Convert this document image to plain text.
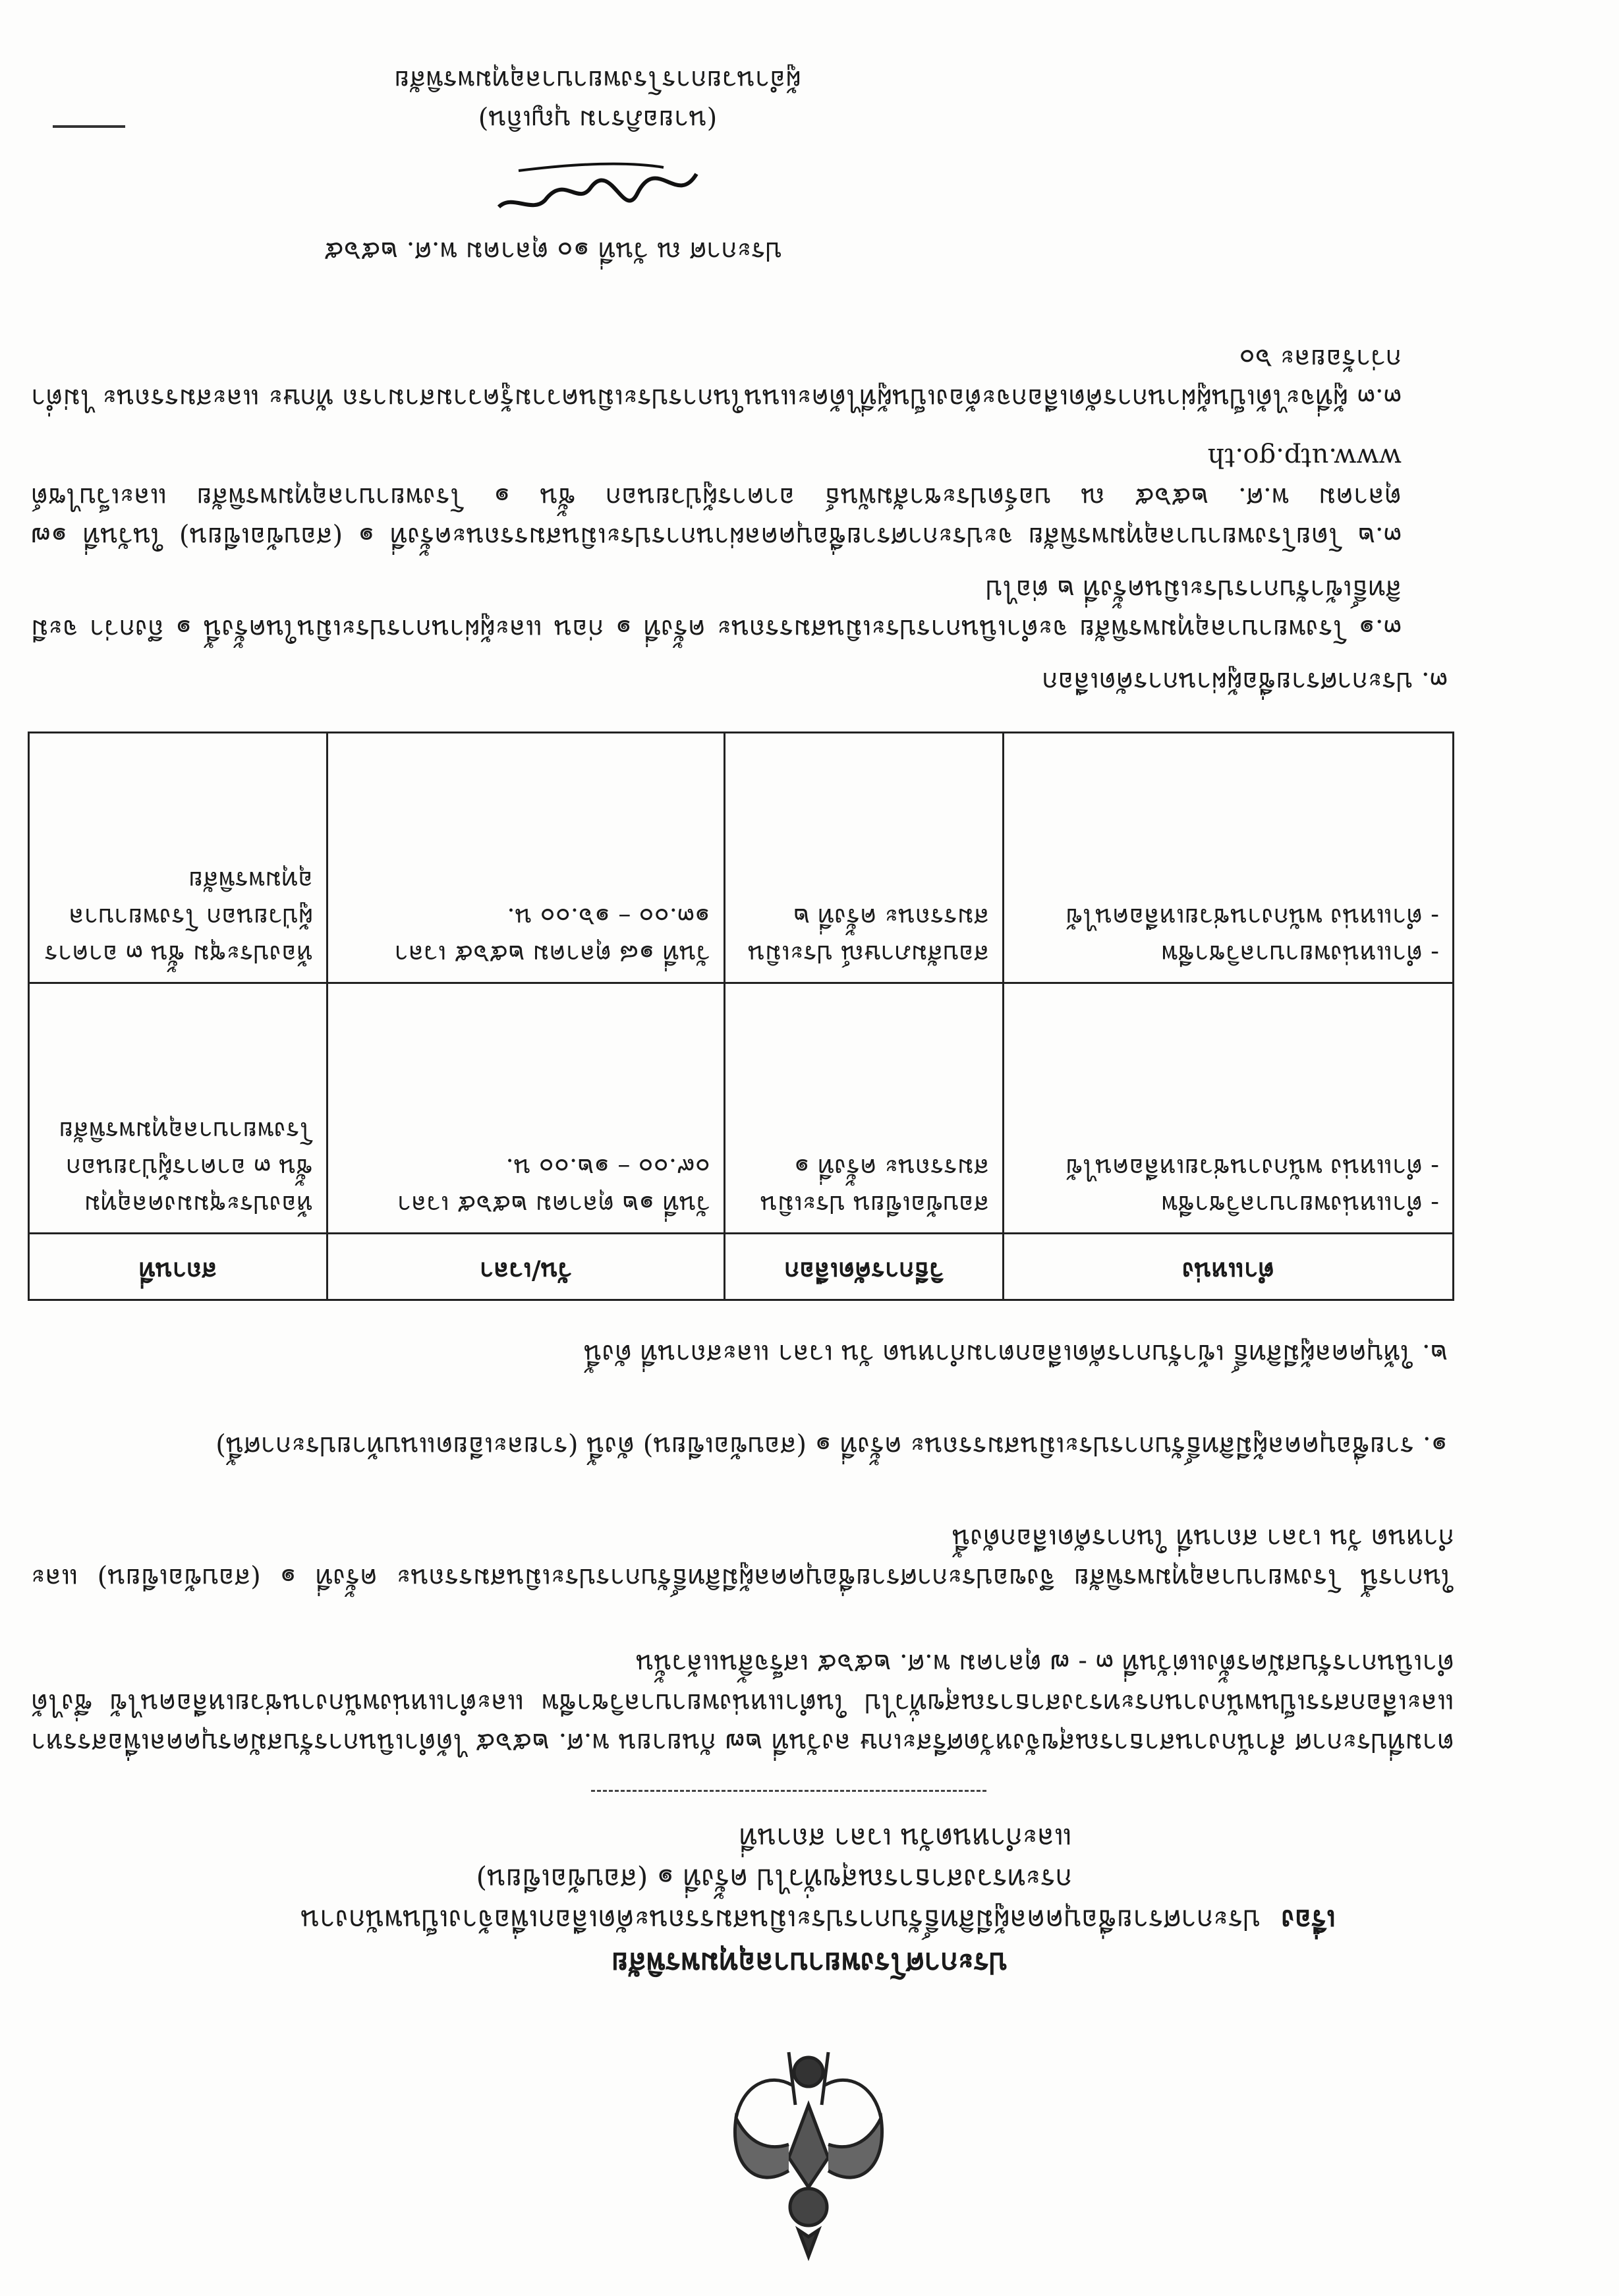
ประกาศโรงพยาบาลอุทุมพรพิสัย
เรื่อง ประกาศรายชื่อบุคคลผู้มีสิทธิ์รับการประเมินสมรรถนะคัดเลือกเพื่อจ้างเป็นพนักงาน
กระทรวงสาธารณสุขทั่วไป ครั้งที่ ๑ (สอบข้อเขียน)
และกำหนดวัน เวลา สถานที่
ตามที่ประกาศ สำนักงานสาธารณสุขจังหวัดศรีสะเกษ ลงวันที่ ๒๗ กันยายน พ.ศ. ๒๕๖๕ ได้ดำเนินการรับสมัครบุคคลเพื่อสรรหาและเลือกสรรเป็นพนักงานกระทรวงสาธารณสุขทั่วไป ในตำแหน่งพยาบาลวิชาชีพ และตำแหน่งพนักงานช่วยเหลือคนไข้ ซึ่งได้ดำเนินการรับสมัครตั้งแต่วันที่ ๓ - ๗ ตุลาคม พ.ศ. ๒๕๖๕ เสร็จสิ้นแล้วนั้น
ในการนี้ โรงพยาบาลอุทุมพรพิสัย จึงขอประกาศรายชื่อบุคคลผู้มีสิทธิ์รับการประเมินสมรรถนะ ครั้งที่ ๑ (สอบข้อเขียน) และกำหนด วัน เวลา สถานที่ ในการคัดเลือกดังนี้
๑. รายชื่อบุคคลผู้มีสิทธิ์รับการประเมินสมรรถนะ ครั้งที่ ๑ (สอบข้อเขียน) ดังนี้ (รายละเอียดแนบท้ายประกาศนี้)
๒. ให้บุคคลผู้มีสิทธิ์ เข้ารับการคัดเลือกตามกำหนด วัน เวลา และสถานที่ ดังนี้
ตำแหน่ง	วิธีการคัดเลือก	วัน/เวลา	สถานที่

- ตำแหน่งพยาบาลวิชาชีพ
- ตำแหน่ง พนักงานช่วยเหลือคนไข้	สอบข้อเขียน ประเมินสมรรถนะ ครั้งที่ ๑	วันที่ ๑๒ ตุลาคม ๒๕๖๕ เวลา ๐๙.๐๐ – ๑๒.๐๐ น.	ห้องประชุมมงคลอุทุม ชั้น ๓ อาคารผู้ป่วยนอก โรงพยาบาลอุทุมพรพิสัย

- ตำแหน่งพยาบาลวิชาชีพ
- ตำแหน่ง พนักงานช่วยเหลือคนไข้	สอบสัมภาษณ์ ประเมิน สมรรถนะ ครั้งที่ ๒	วันที่ ๑๘ ตุลาคม ๒๕๖๕ เวลา ๑๓.๐๐ – ๑๖.๐๐ น.	ห้องประชุม ชั้น ๓ อาคารผู้ป่วยนอก โรงพยาบาลอุทุมพรพิสัย
๓. ประกาศรายชื่อผู้ผ่านการคัดเลือก
๓.๑ โรงพยาบาลอุทุมพรพิสัย จะดำเนินการประเมินสมรรถนะ ครั้งที่ ๑ ก่อน และผู้ผ่านการประเมินในครั้งนี้ ๑ ถึงกว่า จะมีสิทธิ์เข้ารับการประเมินครั้งที่ ๒ ต่อไป
๓.๒ โดยโรงพยาบาลอุทุมพรพิสัย จะประกาศรายชื่อบุคคลผ่านการประเมินสมรรถนะครั้งที่ ๑ (สอบข้อเขียน) ในวันที่ ๑๗ ตุลาคม พ.ศ. ๒๕๖๕ ณ บอร์ดประชาสัมพันธ์ อาคารผู้ป่วยนอก ชั้น ๑ โรงพยาบาลอุทุมพรพิสัย และเว็บไซต์ www.utp.go.th
๓.๓ ผู้ที่จะได้เป็นผู้ผ่านการคัดเลือกจะต้องเป็นผู้ที่ได้คะแนนในการประเมินความรู้ความสามารถ ทักษะ และสมรรถนะ ไม่ต่ำกว่าร้อยละ ๖๐
ประกาศ ณ วันที่ ๑๐ ตุลาคม พ.ศ. ๒๕๖๕
(นายอภิราม บุญเถิน)
ผู้อำนวยการโรงพยาบาลอุทุมพรพิสัย
